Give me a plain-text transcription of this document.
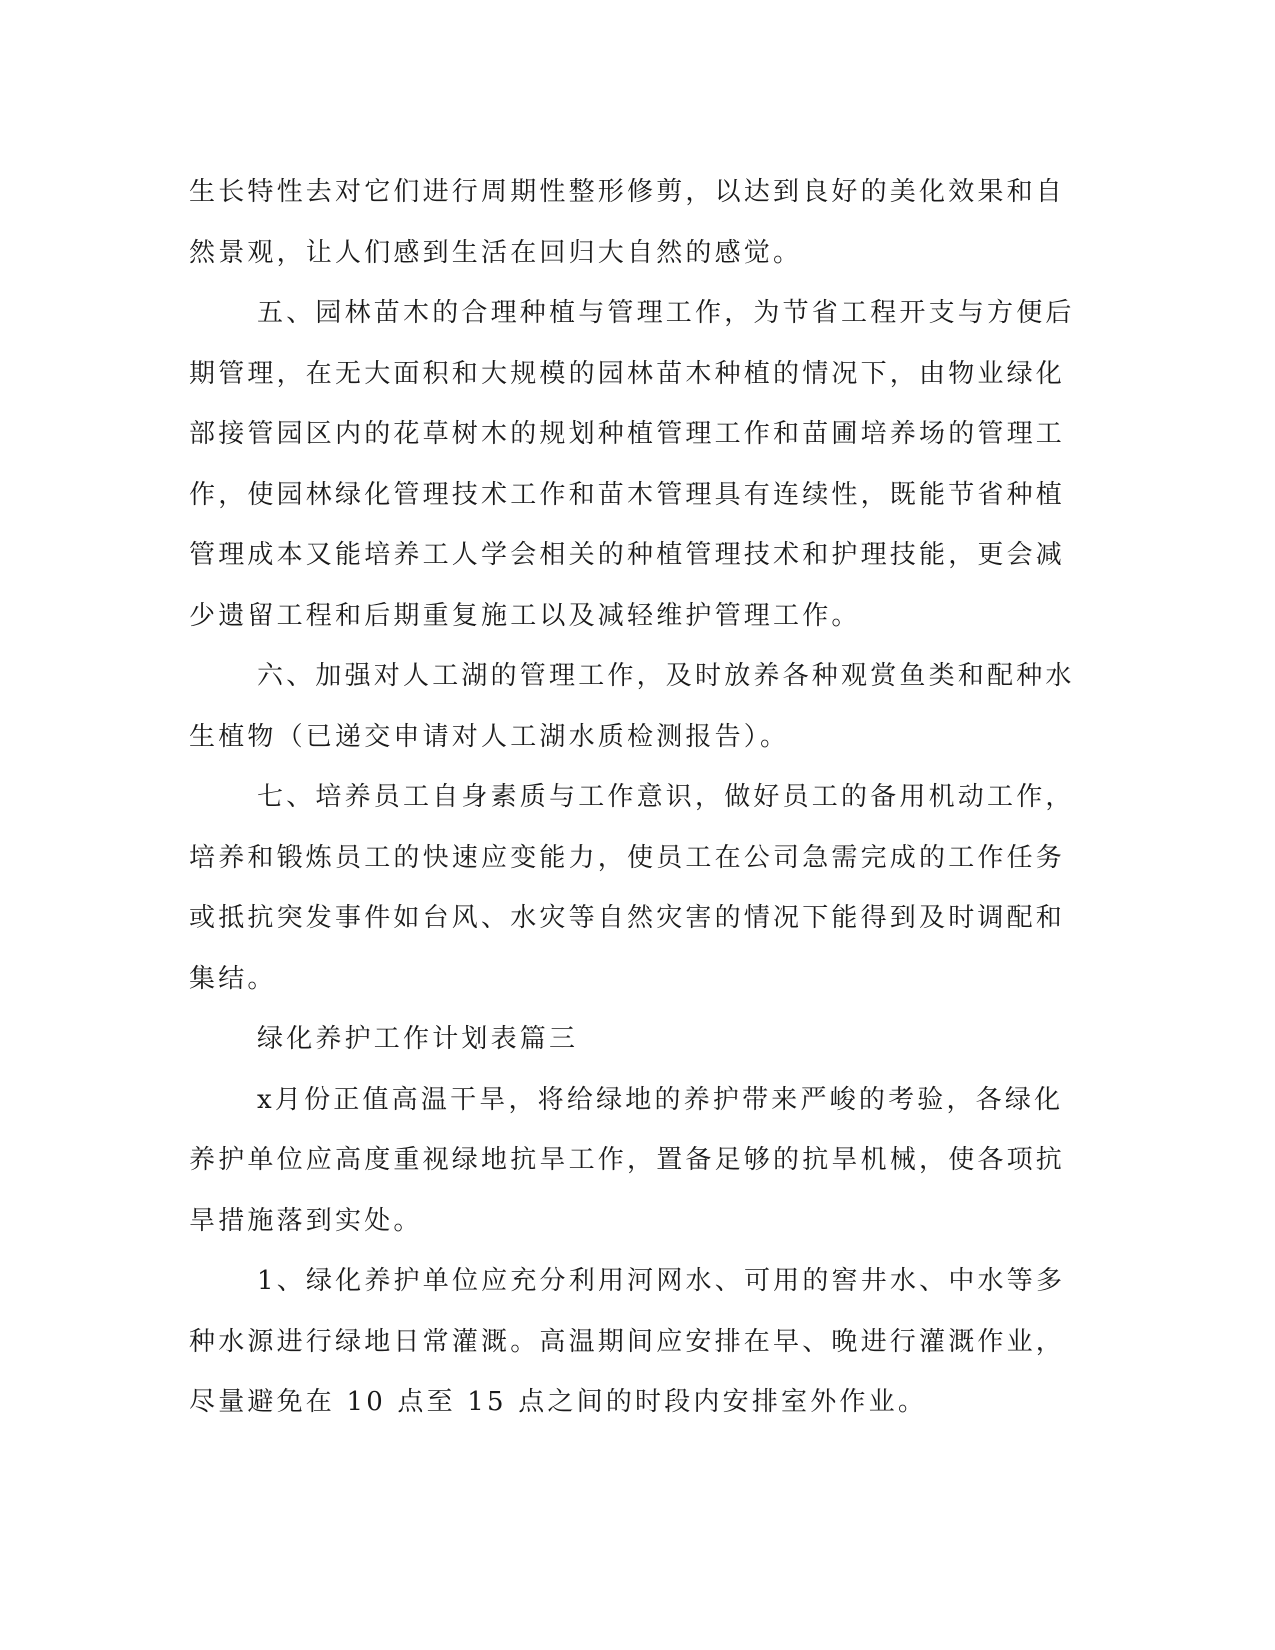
生长特性去对它们进行周期性整形修剪，以达到良好的美化效果和自
然景观，让人们感到生活在回归大自然的感觉。

五、园林苗木的合理种植与管理工作，为节省工程开支与方便后
期管理，在无大面积和大规模的园林苗木种植的情况下，由物业绿化
部接管园区内的花草树木的规划种植管理工作和苗圃培养场的管理工
作，使园林绿化管理技术工作和苗木管理具有连续性，既能节省种植
管理成本又能培养工人学会相关的种植管理技术和护理技能，更会减
少遗留工程和后期重复施工以及减轻维护管理工作。

六、加强对人工湖的管理工作，及时放养各种观赏鱼类和配种水
生植物（已递交申请对人工湖水质检测报告）。

七、培养员工自身素质与工作意识，做好员工的备用机动工作，
培养和锻炼员工的快速应变能力，使员工在公司急需完成的工作任务
或抵抗突发事件如台风、水灾等自然灾害的情况下能得到及时调配和
集结。

绿化养护工作计划表篇三

x月份正值高温干旱，将给绿地的养护带来严峻的考验，各绿化
养护单位应高度重视绿地抗旱工作，置备足够的抗旱机械，使各项抗
旱措施落到实处。

1、绿化养护单位应充分利用河网水、可用的窖井水、中水等多
种水源进行绿地日常灌溉。高温期间应安排在早、晚进行灌溉作业，
尽量避免在 10 点至 15 点之间的时段内安排室外作业。
